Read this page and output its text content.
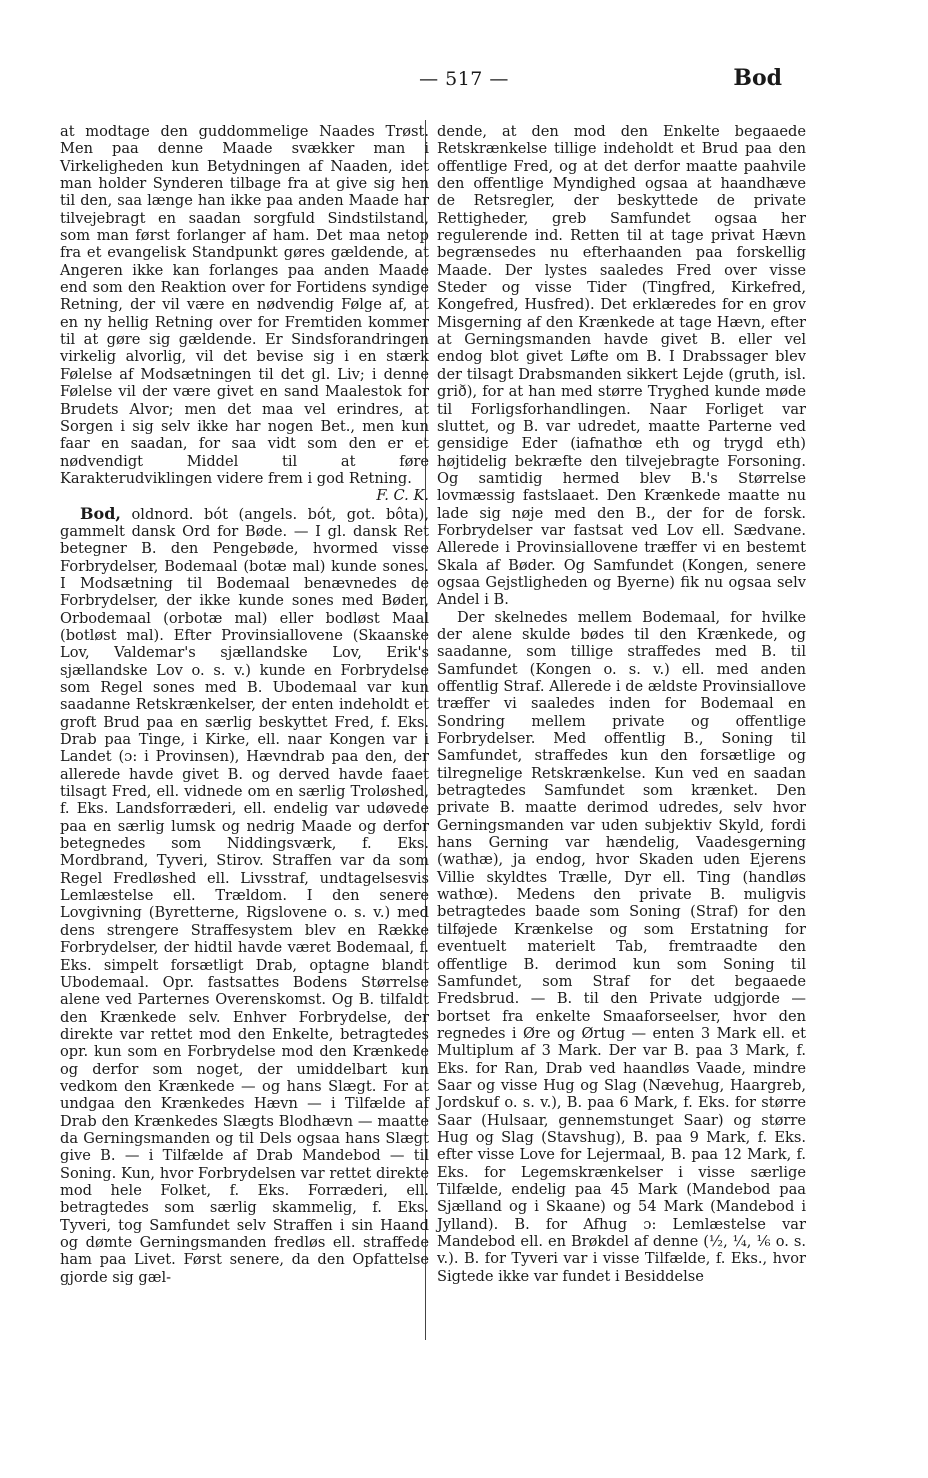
— 517 —	Bod

at modtage den guddommelige Naades Trøst. Men paa denne Maade svækker man i Virkeligheden kun Betydningen af Naaden, idet man holder Synderen tilbage fra at give sig hen til den, saa længe han ikke paa anden Maade har tilvejebragt en saadan sorgfuld Sindstilstand, som man først forlanger af ham. Det maa netop fra et evangelisk Standpunkt gøres gældende, at Angeren ikke kan forlanges paa anden Maade end som den Reaktion over for Fortidens syndige Retning, der vil være en nødvendig Følge af, at en ny hellig Retning over for Fremtiden kommer til at gøre sig gældende. Er Sindsforandringen virkelig alvorlig, vil det bevise sig i en stærk Følelse af Modsætningen til det gl. Liv; i denne Følelse vil der være givet en sand Maalestok for Brudets Alvor; men det maa vel erindres, at Sorgen i sig selv ikke har nogen Bet., men kun faar en saadan, for saa vidt som den er et nødvendigt Middel til at føre Karakterudviklingen videre frem i god Retning.
F. C. K.

Bod, oldnord. bót (angels. bót, got. bôta), gammelt dansk Ord for Bøde. — I gl. dansk Ret betegner B. den Pengebøde, hvormed visse Forbrydelser, Bodemaal (botæ mal) kunde sones. I Modsætning til Bodemaal benævnedes de Forbrydelser, der ikke kunde sones med Bøder, Orbodemaal (orbotæ mal) eller bodløst Maal (botløst mal). Efter Provinsiallovene (Skaanske Lov, Valdemar's sjællandske Lov, Erik's sjællandske Lov o. s. v.) kunde en Forbrydelse som Regel sones med B. Ubodemaal var kun saadanne Retskrænkelser, der enten indeholdt et groft Brud paa en særlig beskyttet Fred, f. Eks. Drab paa Tinge, i Kirke, ell. naar Kongen var i Landet (ɔ: i Provinsen), Hævndrab paa den, der allerede havde givet B. og derved havde faaet tilsagt Fred, ell. vidnede om en særlig Troløshed, f. Eks. Landsforræderi, ell. endelig var udøvede paa en særlig lumsk og nedrig Maade og derfor betegnedes som Niddingsværk, f. Eks. Mordbrand, Tyveri, Stirov. Straffen var da som Regel Fredløshed ell. Livsstraf, undtagelsesvis Lemlæstelse ell. Trældom. I den senere Lovgivning (Byretterne, Rigslovene o. s. v.) med dens strengere Straffesystem blev en Række Forbrydelser, der hidtil havde været Bodemaal, f. Eks. simpelt forsætligt Drab, optagne blandt Ubodemaal. Opr. fastsattes Bodens Størrelse alene ved Parternes Overenskomst. Og B. tilfaldt den Krænkede selv. Enhver Forbrydelse, der direkte var rettet mod den Enkelte, betragtedes opr. kun som en Forbrydelse mod den Krænkede og derfor som noget, der umiddelbart kun vedkom den Krænkede — og hans Slægt. For at undgaa den Krænkedes Hævn — i Tilfælde af Drab den Krænkedes Slægts Blodhævn — maatte da Gerningsmanden og til Dels ogsaa hans Slægt give B. — i Tilfælde af Drab Mandebod — til Soning. Kun, hvor Forbrydelsen var rettet direkte mod hele Folket, f. Eks. Forræderi, ell. betragtedes som særlig skammelig, f. Eks. Tyveri, tog Samfundet selv Straffen i sin Haand og dømte Gerningsmanden fredløs ell. straffede ham paa Livet. Først senere, da den Opfattelse gjorde sig gæl-

dende, at den mod den Enkelte begaaede Retskrænkelse tillige indeholdt et Brud paa den offentlige Fred, og at det derfor maatte paahvile den offentlige Myndighed ogsaa at haandhæve de Retsregler, der beskyttede de private Rettigheder, greb Samfundet ogsaa her regulerende ind. Retten til at tage privat Hævn begrænsedes nu efterhaanden paa forskellig Maade. Der lystes saaledes Fred over visse Steder og visse Tider (Tingfred, Kirkefred, Kongefred, Husfred). Det erklæredes for en grov Misgerning af den Krænkede at tage Hævn, efter at Gerningsmanden havde givet B. eller vel endog blot givet Løfte om B. I Drabssager blev der tilsagt Drabsmanden sikkert Lejde (gruth, isl. grið), for at han med større Tryghed kunde møde til Forligsforhandlingen. Naar Forliget var sluttet, og B. var udredet, maatte Parterne ved gensidige Eder (iafnathœ eth og trygd eth) højtidelig bekræfte den tilvejebragte Forsoning. Og samtidig hermed blev B.'s Størrelse lovmæssig fastslaaet. Den Krænkede maatte nu lade sig nøje med den B., der for de forsk. Forbrydelser var fastsat ved Lov ell. Sædvane. Allerede i Provinsiallovene træffer vi en bestemt Skala af Bøder. Og Samfundet (Kongen, senere ogsaa Gejstligheden og Byerne) fik nu ogsaa selv Andel i B.

Der skelnedes mellem Bodemaal, for hvilke der alene skulde bødes til den Krænkede, og saadanne, som tillige straffedes med B. til Samfundet (Kongen o. s. v.) ell. med anden offentlig Straf. Allerede i de ældste Provinsiallove træffer vi saaledes inden for Bodemaal en Sondring mellem private og offentlige Forbrydelser. Med offentlig B., Soning til Samfundet, straffedes kun den forsætlige og tilregnelige Retskrænkelse. Kun ved en saadan betragtedes Samfundet som krænket. Den private B. maatte derimod udredes, selv hvor Gerningsmanden var uden subjektiv Skyld, fordi hans Gerning var hændelig, Vaadesgerning (wathæ), ja endog, hvor Skaden uden Ejerens Villie skyldtes Trælle, Dyr ell. Ting (handløs wathœ). Medens den private B. muligvis betragtedes baade som Soning (Straf) for den tilføjede Krænkelse og som Erstatning for eventuelt materielt Tab, fremtraadte den offentlige B. derimod kun som Soning til Samfundet, som Straf for det begaaede Fredsbrud. — B. til den Private udgjorde — bortset fra enkelte Smaaforseelser, hvor den regnedes i Øre og Ørtug — enten 3 Mark ell. et Multiplum af 3 Mark. Der var B. paa 3 Mark, f. Eks. for Ran, Drab ved haandløs Vaade, mindre Saar og visse Hug og Slag (Nævehug, Haargreb, Jordskuf o. s. v.), B. paa 6 Mark, f. Eks. for større Saar (Hulsaar, gennemstunget Saar) og større Hug og Slag (Stavshug), B. paa 9 Mark, f. Eks. efter visse Love for Lejermaal, B. paa 12 Mark, f. Eks. for Legemskrænkelser i visse særlige Tilfælde, endelig paa 45 Mark (Mandebod paa Sjælland og i Skaane) og 54 Mark (Mandebod i Jylland). B. for Afhug ɔ: Lemlæstelse var Mandebod ell. en Brøkdel af denne (½, ¼, ⅙ o. s. v.). B. for Tyveri var i visse Tilfælde, f. Eks., hvor Sigtede ikke var fundet i Besiddelse
